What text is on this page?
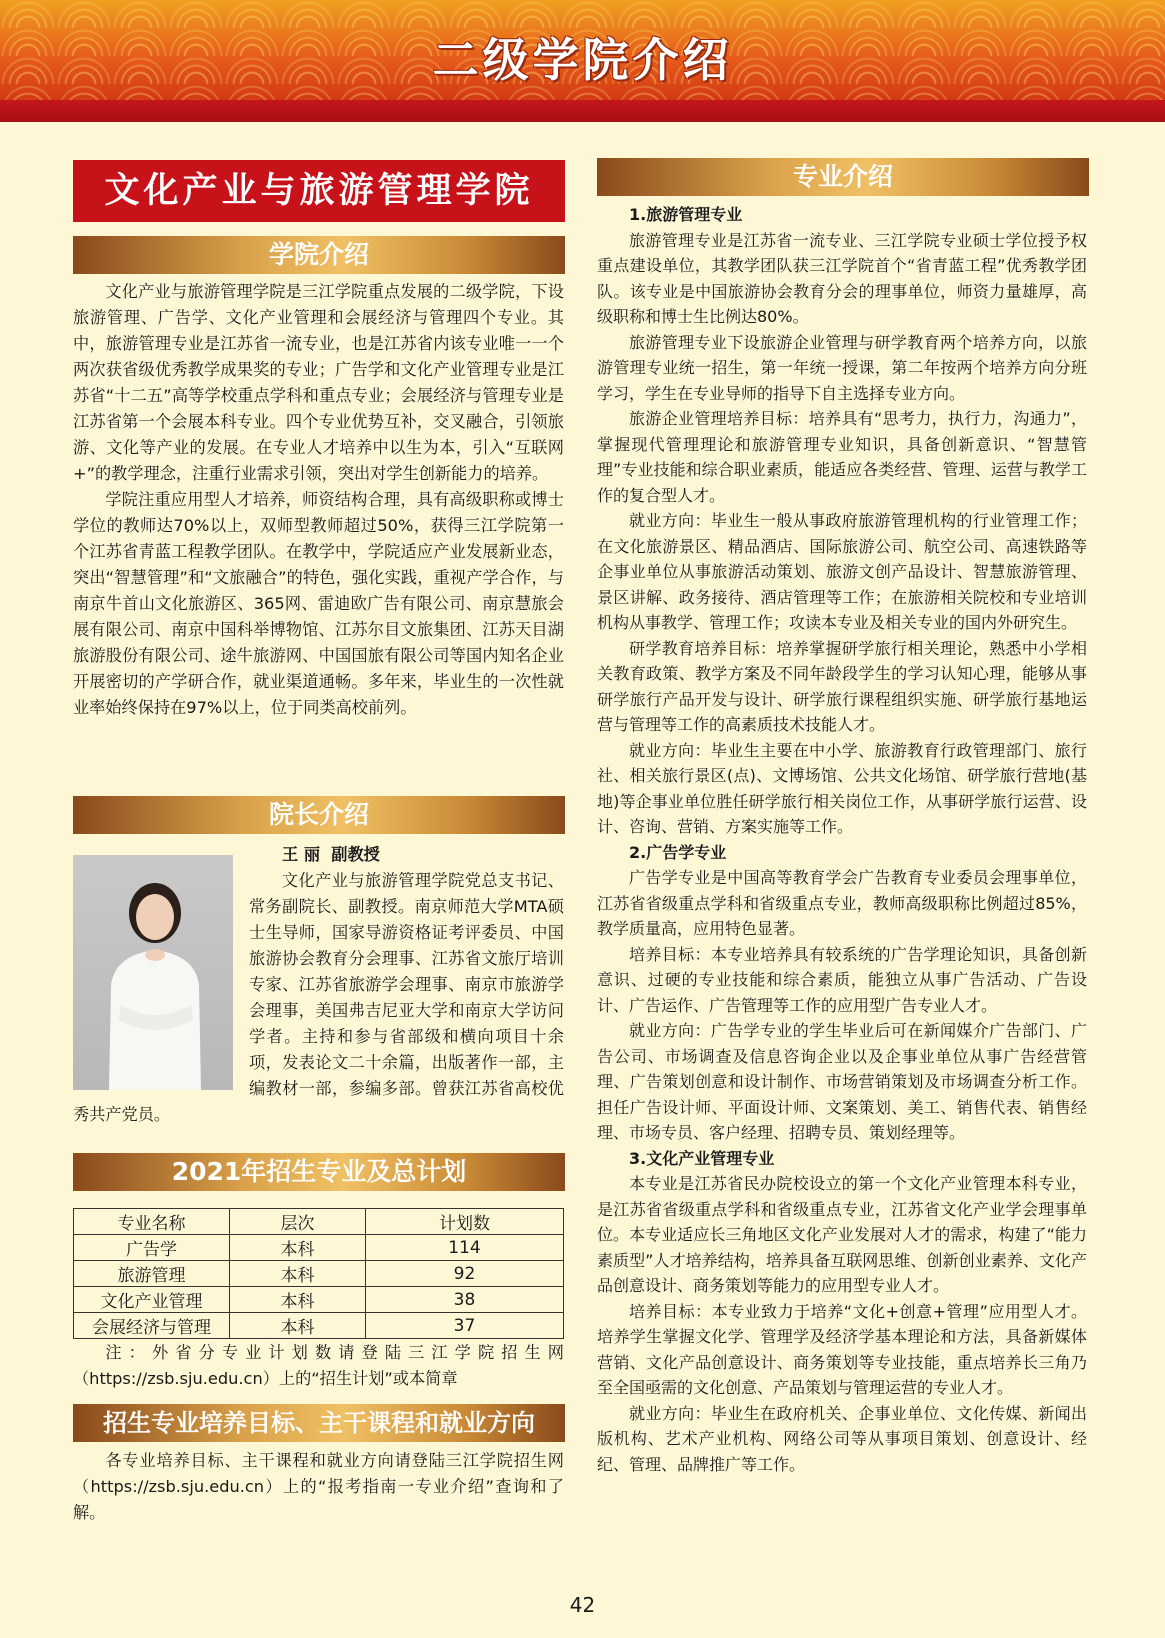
二级学院介绍
文化产业与旅游管理学院
学院介绍

文化产业与旅游管理学院是三江学院重点发展的二级学院，下设旅游管理、广告学、文化产业管理和会展经济与管理四个专业。其中，旅游管理专业是江苏省一流专业，也是江苏省内该专业唯一一个两次获省级优秀教学成果奖的专业；广告学和文化产业管理专业是江苏省“十二五”高等学校重点学科和重点专业；会展经济与管理专业是江苏省第一个会展本科专业。四个专业优势互补，交叉融合，引领旅游、文化等产业的发展。在专业人才培养中以生为本，引入“互联网+”的教学理念，注重行业需求引领，突出对学生创新能力的培养。

学院注重应用型人才培养，师资结构合理，具有高级职称或博士学位的教师达70%以上，双师型教师超过50%，获得三江学院第一个江苏省青蓝工程教学团队。在教学中，学院适应产业发展新业态，突出“智慧管理”和“文旅融合”的特色，强化实践，重视产学合作，与南京牛首山文化旅游区、365网、雷迪欧广告有限公司、南京慧旅会展有限公司、南京中国科举博物馆、江苏尔目文旅集团、江苏天目湖旅游股份有限公司、途牛旅游网、中国国旅有限公司等国内知名企业开展密切的产学研合作，就业渠道通畅。多年来，毕业生的一次性就业率始终保持在97%以上，位于同类高校前列。

院长介绍
王 丽  副教授
文化产业与旅游管理学院党总支书记、常务副院长、副教授。南京师范大学MTA硕士生导师，国家导游资格证考评委员、中国旅游协会教育分会理事、江苏省文旅厅培训专家、江苏省旅游学会理事、南京市旅游学会理事，美国弗吉尼亚大学和南京大学访问学者。主持和参与省部级和横向项目十余项，发表论文二十余篇，出版著作一部，主编教材一部，参编多部。曾获江苏省高校优秀共产党员。
2021年招生专业及总计划
专业名称	层次	计划数
广告学	本科	114
旅游管理	本科	92
文化产业管理	本科	38
会展经济与管理	本科	37

注：外省分专业计划数请登陆三江学院招生网（https://zsb.sju.edu.cn）上的“招生计划”或本简章

招生专业培养目标、主干课程和就业方向

各专业培养目标、主干课程和就业方向请登陆三江学院招生网（https://zsb.sju.edu.cn）上的“报考指南一专业介绍”查询和了解。

专业介绍

1.旅游管理专业

旅游管理专业是江苏省一流专业、三江学院专业硕士学位授予权重点建设单位，其教学团队获三江学院首个“省青蓝工程”优秀教学团队。该专业是中国旅游协会教育分会的理事单位，师资力量雄厚，高级职称和博士生比例达80%。

旅游管理专业下设旅游企业管理与研学教育两个培养方向，以旅游管理专业统一招生，第一年统一授课，第二年按两个培养方向分班学习，学生在专业导师的指导下自主选择专业方向。

旅游企业管理培养目标：培养具有“思考力，执行力，沟通力”，掌握现代管理理论和旅游管理专业知识，具备创新意识、“智慧管理”专业技能和综合职业素质，能适应各类经营、管理、运营与教学工作的复合型人才。

就业方向：毕业生一般从事政府旅游管理机构的行业管理工作；在文化旅游景区、精品酒店、国际旅游公司、航空公司、高速铁路等企事业单位从事旅游活动策划、旅游文创产品设计、智慧旅游管理、景区讲解、政务接待、酒店管理等工作；在旅游相关院校和专业培训机构从事教学、管理工作；攻读本专业及相关专业的国内外研究生。

研学教育培养目标：培养掌握研学旅行相关理论，熟悉中小学相关教育政策、教学方案及不同年龄段学生的学习认知心理，能够从事研学旅行产品开发与设计、研学旅行课程组织实施、研学旅行基地运营与管理等工作的高素质技术技能人才。

就业方向：毕业生主要在中小学、旅游教育行政管理部门、旅行社、相关旅行景区(点)、文博场馆、公共文化场馆、研学旅行营地(基地)等企事业单位胜任研学旅行相关岗位工作，从事研学旅行运营、设计、咨询、营销、方案实施等工作。

2.广告学专业

广告学专业是中国高等教育学会广告教育专业委员会理事单位，江苏省省级重点学科和省级重点专业，教师高级职称比例超过85%，教学质量高，应用特色显著。

培养目标：本专业培养具有较系统的广告学理论知识，具备创新意识、过硬的专业技能和综合素质，能独立从事广告活动、广告设计、广告运作、广告管理等工作的应用型广告专业人才。

就业方向：广告学专业的学生毕业后可在新闻媒介广告部门、广告公司、市场调查及信息咨询企业以及企事业单位从事广告经营管理、广告策划创意和设计制作、市场营销策划及市场调查分析工作。担任广告设计师、平面设计师、文案策划、美工、销售代表、销售经理、市场专员、客户经理、招聘专员、策划经理等。

3.文化产业管理专业

本专业是江苏省民办院校设立的第一个文化产业管理本科专业，是江苏省省级重点学科和省级重点专业，江苏省文化产业学会理事单位。本专业适应长三角地区文化产业发展对人才的需求，构建了“能力素质型”人才培养结构，培养具备互联网思维、创新创业素养、文化产品创意设计、商务策划等能力的应用型专业人才。

培养目标：本专业致力于培养“文化+创意+管理”应用型人才。培养学生掌握文化学、管理学及经济学基本理论和方法，具备新媒体营销、文化产品创意设计、商务策划等专业技能，重点培养长三角乃至全国亟需的文化创意、产品策划与管理运营的专业人才。

就业方向：毕业生在政府机关、企事业单位、文化传媒、新闻出版机构、艺术产业机构、网络公司等从事项目策划、创意设计、经纪、管理、品牌推广等工作。

42
